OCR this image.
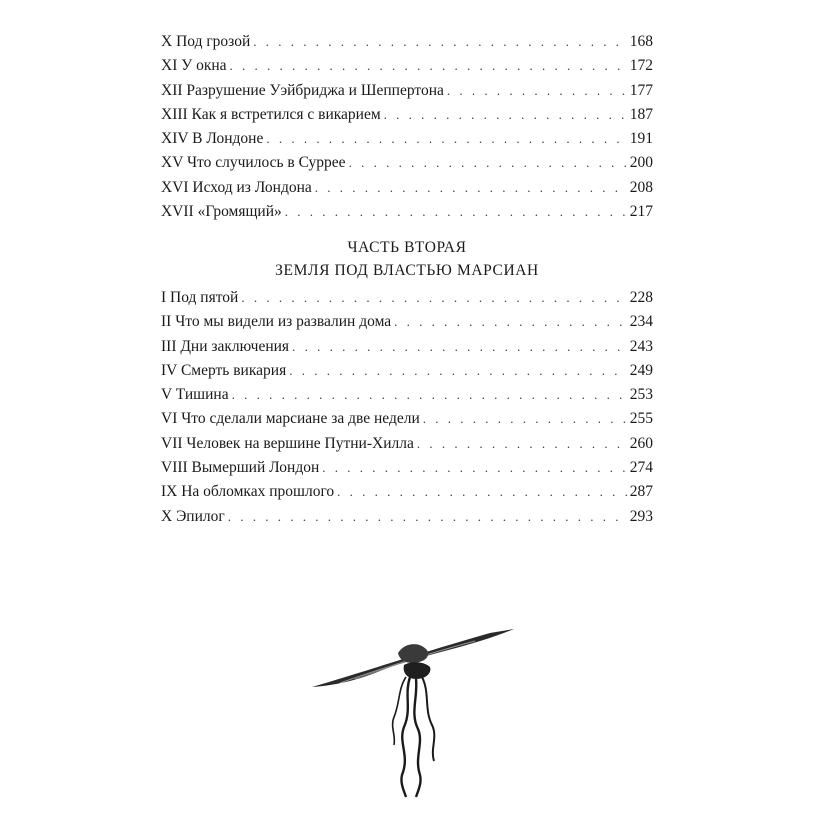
X Под грозой . . .	168
XI У окна . . .	172
XII Разрушение Уэйбриджа и Шеппертона . . .	177
XIII Как я встретился с викарием . . .	187
XIV В Лондоне . . .	191
XV Что случилось в Суррее . . .	200
XVI Исход из Лондона . . .	208
XVII «Громящий» . . .	217
ЧАСТЬ ВТОРАЯ
ЗЕМЛЯ ПОД ВЛАСТЬЮ МАРСИАН
I Под пятой . . .	228
II Что мы видели из развалин дома . . .	234
III Дни заключения . . .	243
IV Смерть викария . . .	249
V Тишина . . .	253
VI Что сделали марсиане за две недели . . .	255
VII Человек на вершине Путни-Хилла . . .	260
VIII Вымерший Лондон . . .	274
IX На обломках прошлого . . .	287
X Эпилог . . .	293
